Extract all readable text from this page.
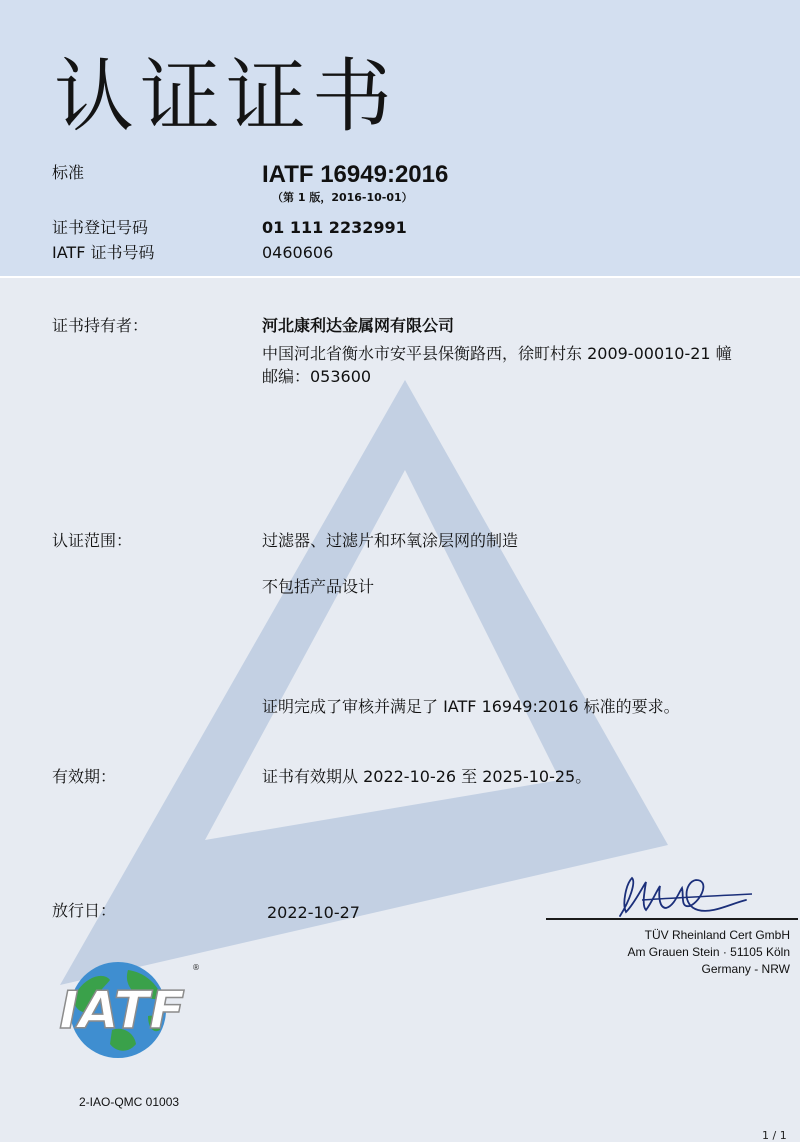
认证证书
标准	IATF 16949:2016
（第 1 版，2016-10-01）
证书登记号码	01 111 2232991
IATF 证书号码	0460606
证书持有者：	河北康利达金属网有限公司
中国河北省衡水市安平县保衡路西，徐町村东 2009-00010-21 幢
邮编：053600
认证范围：	过滤器、过滤片和环氧涂层网的制造
不包括产品设计
证明完成了审核并满足了 IATF 16949:2016 标准的要求。
有效期：	证书有效期从 2022-10-26 至 2025-10-25。
放行日：	2022-10-27
TÜV Rheinland Cert GmbH
Am Grauen Stein · 51105 Köln
Germany - NRW
IATF
®
2-IAO-QMC 01003
1 / 1
